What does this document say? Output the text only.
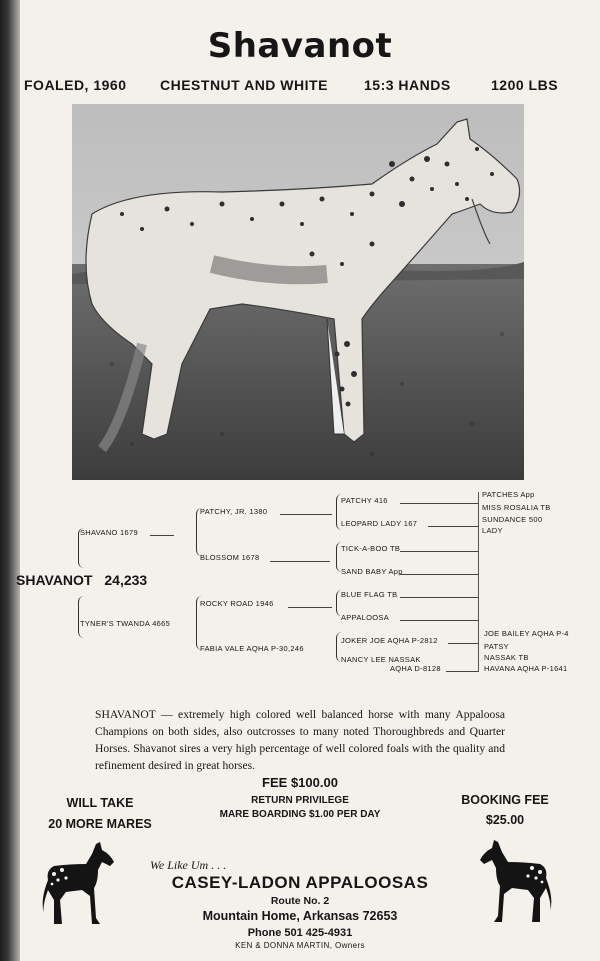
Shavanot
FOALED, 1960 CHESTNUT AND WHITE	15:3 HANDS	1200 LBS
SHAVANOT 24,233
SHAVANO 1679
TYNER'S TWANDA 4665
PATCHY, JR. 1380
BLOSSOM 1678
ROCKY ROAD 1946
FABIA VALE AQHA P-30,246
PATCHY 416
LEOPARD LADY 167
TICK-A-BOO TB
SAND BABY App
BLUE FLAG TB
APPALOOSA
JOKER JOE AQHA P-2812
NANCY LEE NASSAK
AQHA D-8128
PATCHES App
MISS ROSALIA TB
SUNDANCE 500
LADY
JOE BAILEY AQHA P-4
PATSY
NASSAK TB
HAVANA AQHA P-1641
SHAVANOT — extremely high colored well balanced horse with many Appaloosa Champions on both sides, also outcrosses to many noted Thoroughbreds and Quarter Horses. Shavanot sires a very high percentage of well colored foals with the quality and refinement desired in great horses.
WILL TAKE
20 MORE MARES
FEE $100.00
RETURN PRIVILEGE
MARE BOARDING $1.00 PER DAY
BOOKING FEE
$25.00
We Like Um . . .
CASEY-LADON APPALOOSAS
Route No. 2
Mountain Home, Arkansas 72653
Phone 501 425-4931
KEN & DONNA MARTIN, Owners
